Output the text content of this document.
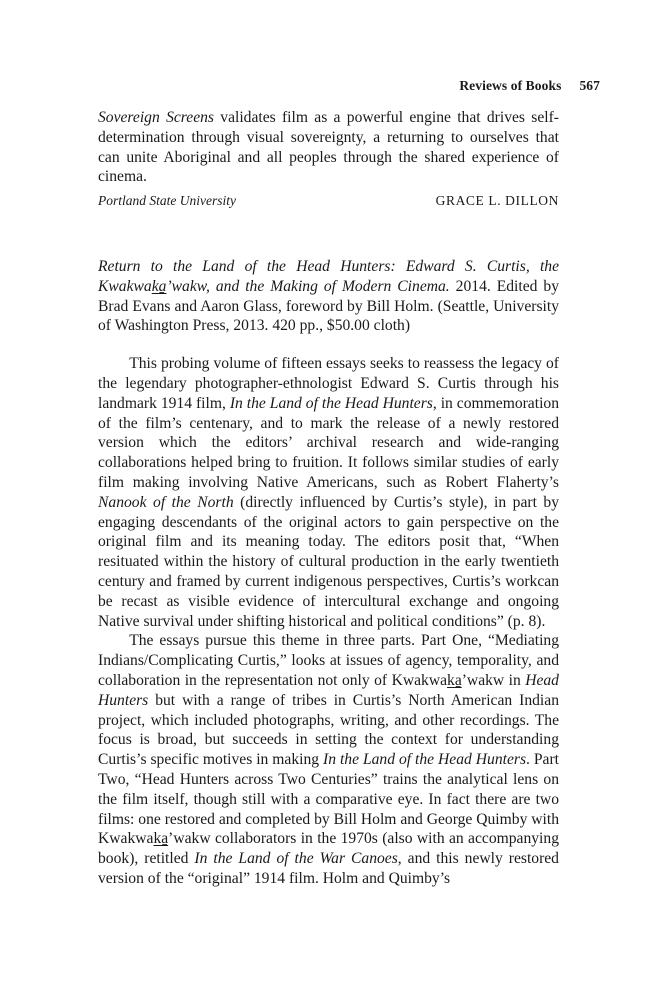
Reviews of Books 567

Sovereign Screens validates film as a powerful engine that drives self-determination through visual sovereignty, a returning to ourselves that can unite Aboriginal and all peoples through the shared experience of cinema.

Portland State University	GRACE L. DILLON

Return to the Land of the Head Hunters: Edward S. Curtis, the Kwakwaka̱’wakw, and the Making of Modern Cinema. 2014. Edited by Brad Evans and Aaron Glass, foreword by Bill Holm. (Seattle, University of Washington Press, 2013. 420 pp., $50.00 cloth)

This probing volume of fifteen essays seeks to reassess the legacy of the legendary photographer-ethnologist Edward S. Curtis through his landmark 1914 film, In the Land of the Head Hunters, in commemoration of the film’s centenary, and to mark the release of a newly restored version which the editors’ archival research and wide-ranging collaborations helped bring to fruition. It follows similar studies of early film making involving Native Americans, such as Robert Flaherty’s Nanook of the North (directly influenced by Curtis’s style), in part by engaging descendants of the original actors to gain perspective on the original film and its meaning today. The editors posit that, “When resituated within the history of cultural production in the early twentieth century and framed by current indigenous perspectives, Curtis’s workcan be recast as visible evidence of intercultural exchange and ongoing Native survival under shifting historical and political conditions” (p. 8).

The essays pursue this theme in three parts. Part One, “Mediating Indians/Complicating Curtis,” looks at issues of agency, temporality, and collaboration in the representation not only of Kwakwaka̱’wakw in Head Hunters but with a range of tribes in Curtis’s North American Indian project, which included photographs, writing, and other recordings. The focus is broad, but succeeds in setting the context for understanding Curtis’s specific motives in making In the Land of the Head Hunters. Part Two, “Head Hunters across Two Centuries” trains the analytical lens on the film itself, though still with a comparative eye. In fact there are two films: one restored and completed by Bill Holm and George Quimby with Kwakwaka̱’wakw collaborators in the 1970s (also with an accompanying book), retitled In the Land of the War Canoes, and this newly restored version of the “original” 1914 film. Holm and Quimby’s
